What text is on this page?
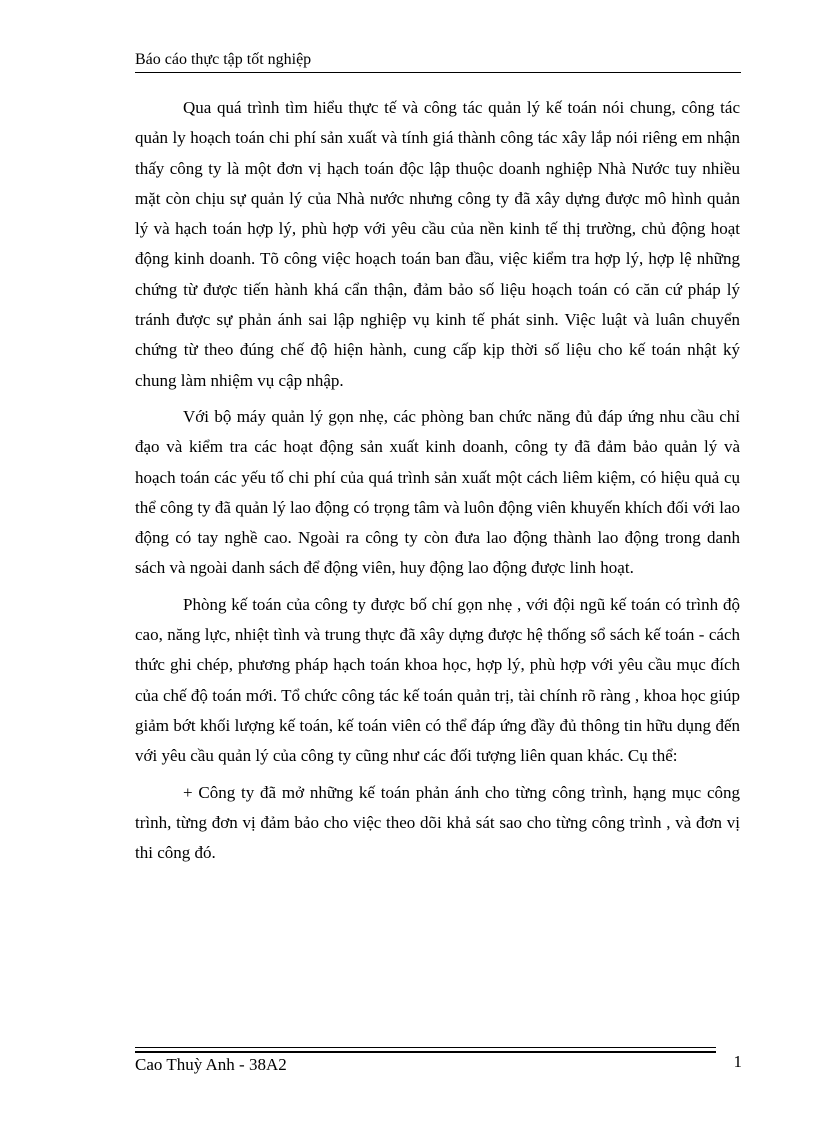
Báo cáo thực tập tốt nghiệp

Qua quá trình tìm hiểu thực tế và công tác quản lý kế toán nói chung, công tác quản ly hoạch toán chi phí sản xuất và tính giá thành công tác xây lắp nói riêng em nhận thấy công ty là một đơn vị hạch toán độc lập thuộc doanh nghiệp Nhà Nước tuy nhiều mặt còn chịu sự quản lý của Nhà nước nhưng công ty đã xây dựng được mô hình quản lý và hạch toán hợp lý, phù hợp với yêu cầu của nền kinh tế thị trường, chủ động hoạt động kinh doanh. Tõ công việc hoạch toán ban đầu, việc kiểm tra hợp lý, hợp lệ những chứng từ được tiến hành khá cẩn thận, đảm bảo số liệu hoạch toán có căn cứ pháp lý tránh được sự phản ánh sai lập nghiệp vụ kinh tế phát sinh. Việc luật và luân chuyển chứng từ theo đúng chế độ hiện hành, cung cấp kịp thời số liệu cho kế toán nhật ký chung làm nhiệm vụ cập nhập.

Với bộ máy quản lý gọn nhẹ, các phòng ban chức năng đủ đáp ứng nhu cầu chỉ đạo và kiểm tra các hoạt động sản xuất kinh doanh, công ty đã đảm bảo quản lý và hoạch toán các yếu tố chi phí của quá trình sản xuất một cách liêm kiệm, có hiệu quả cụ thể công ty đã quản lý lao động có trọng tâm và luôn động viên khuyến khích đối với lao động có tay nghề cao. Ngoài ra công ty còn đưa lao động thành lao động trong danh sách và ngoài danh sách để động viên, huy động lao động được linh hoạt.

Phòng kế toán của công ty được bố chí gọn nhẹ , với đội ngũ kế toán có trình độ cao, năng lực, nhiệt tình và trung thực đã xây dựng được hệ thống sổ sách kế toán - cách thức ghi chép, phương pháp hạch toán khoa học, hợp lý, phù hợp với yêu cầu mục đích của chế độ toán mới. Tổ chức công tác kế toán quản trị, tài chính rõ ràng , khoa học giúp giảm bớt khối lượng kế toán, kế toán viên có thể đáp ứng đầy đủ thông tin hữu dụng đến với yêu cầu quản lý của công ty cũng như các đối tượng liên quan khác. Cụ thể:

+ Công ty đã mở những kế toán phản ánh cho từng công trình, hạng mục công trình, từng đơn vị đảm bảo cho việc theo dõi khả sát sao cho từng công trình , và đơn vị thi công đó.

Cao Thuỳ Anh - 38A2	1
